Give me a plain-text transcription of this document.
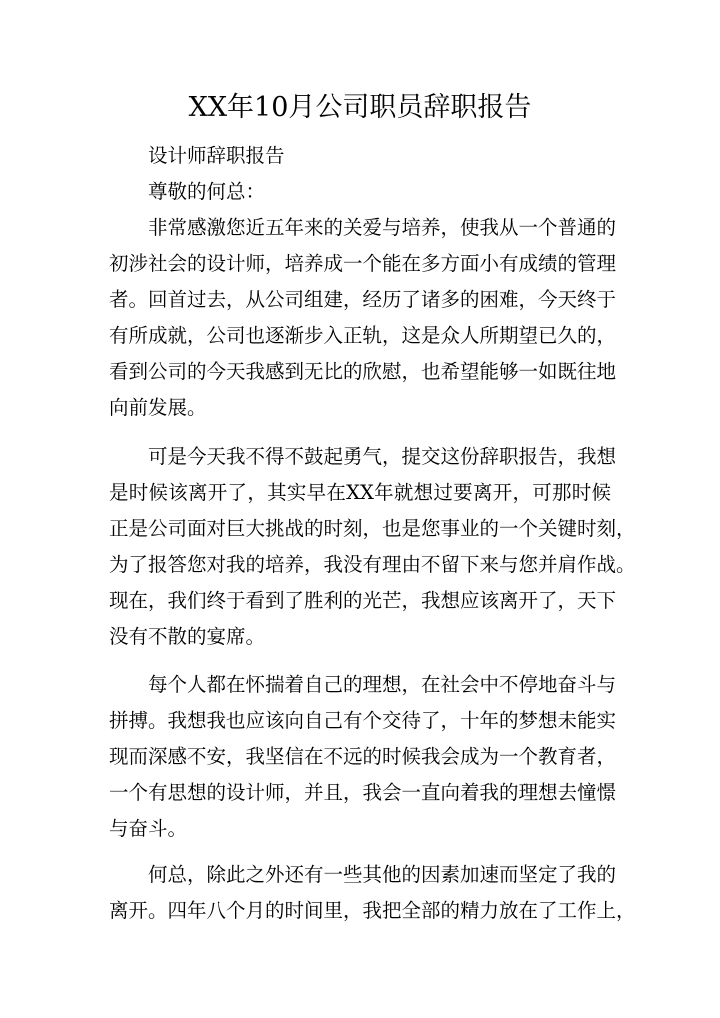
XX年10月公司职员辞职报告
设计师辞职报告
尊敬的何总：
非常感激您近五年来的关爱与培养，使我从一个普通的
初涉社会的设计师，培养成一个能在多方面小有成绩的管理
者。回首过去，从公司组建，经历了诸多的困难，今天终于
有所成就，公司也逐渐步入正轨，这是众人所期望已久的，
看到公司的今天我感到无比的欣慰，也希望能够一如既往地
向前发展。
可是今天我不得不鼓起勇气，提交这份辞职报告，我想
是时候该离开了，其实早在XX年就想过要离开，可那时候
正是公司面对巨大挑战的时刻，也是您事业的一个关键时刻，
为了报答您对我的培养，我没有理由不留下来与您并肩作战。
现在，我们终于看到了胜利的光芒，我想应该离开了，天下
没有不散的宴席。
每个人都在怀揣着自己的理想，在社会中不停地奋斗与
拼搏。我想我也应该向自己有个交待了，十年的梦想未能实
现而深感不安，我坚信在不远的时候我会成为一个教育者，
一个有思想的设计师，并且，我会一直向着我的理想去憧憬
与奋斗。
何总，除此之外还有一些其他的因素加速而坚定了我的
离开。四年八个月的时间里，我把全部的精力放在了工作上，
